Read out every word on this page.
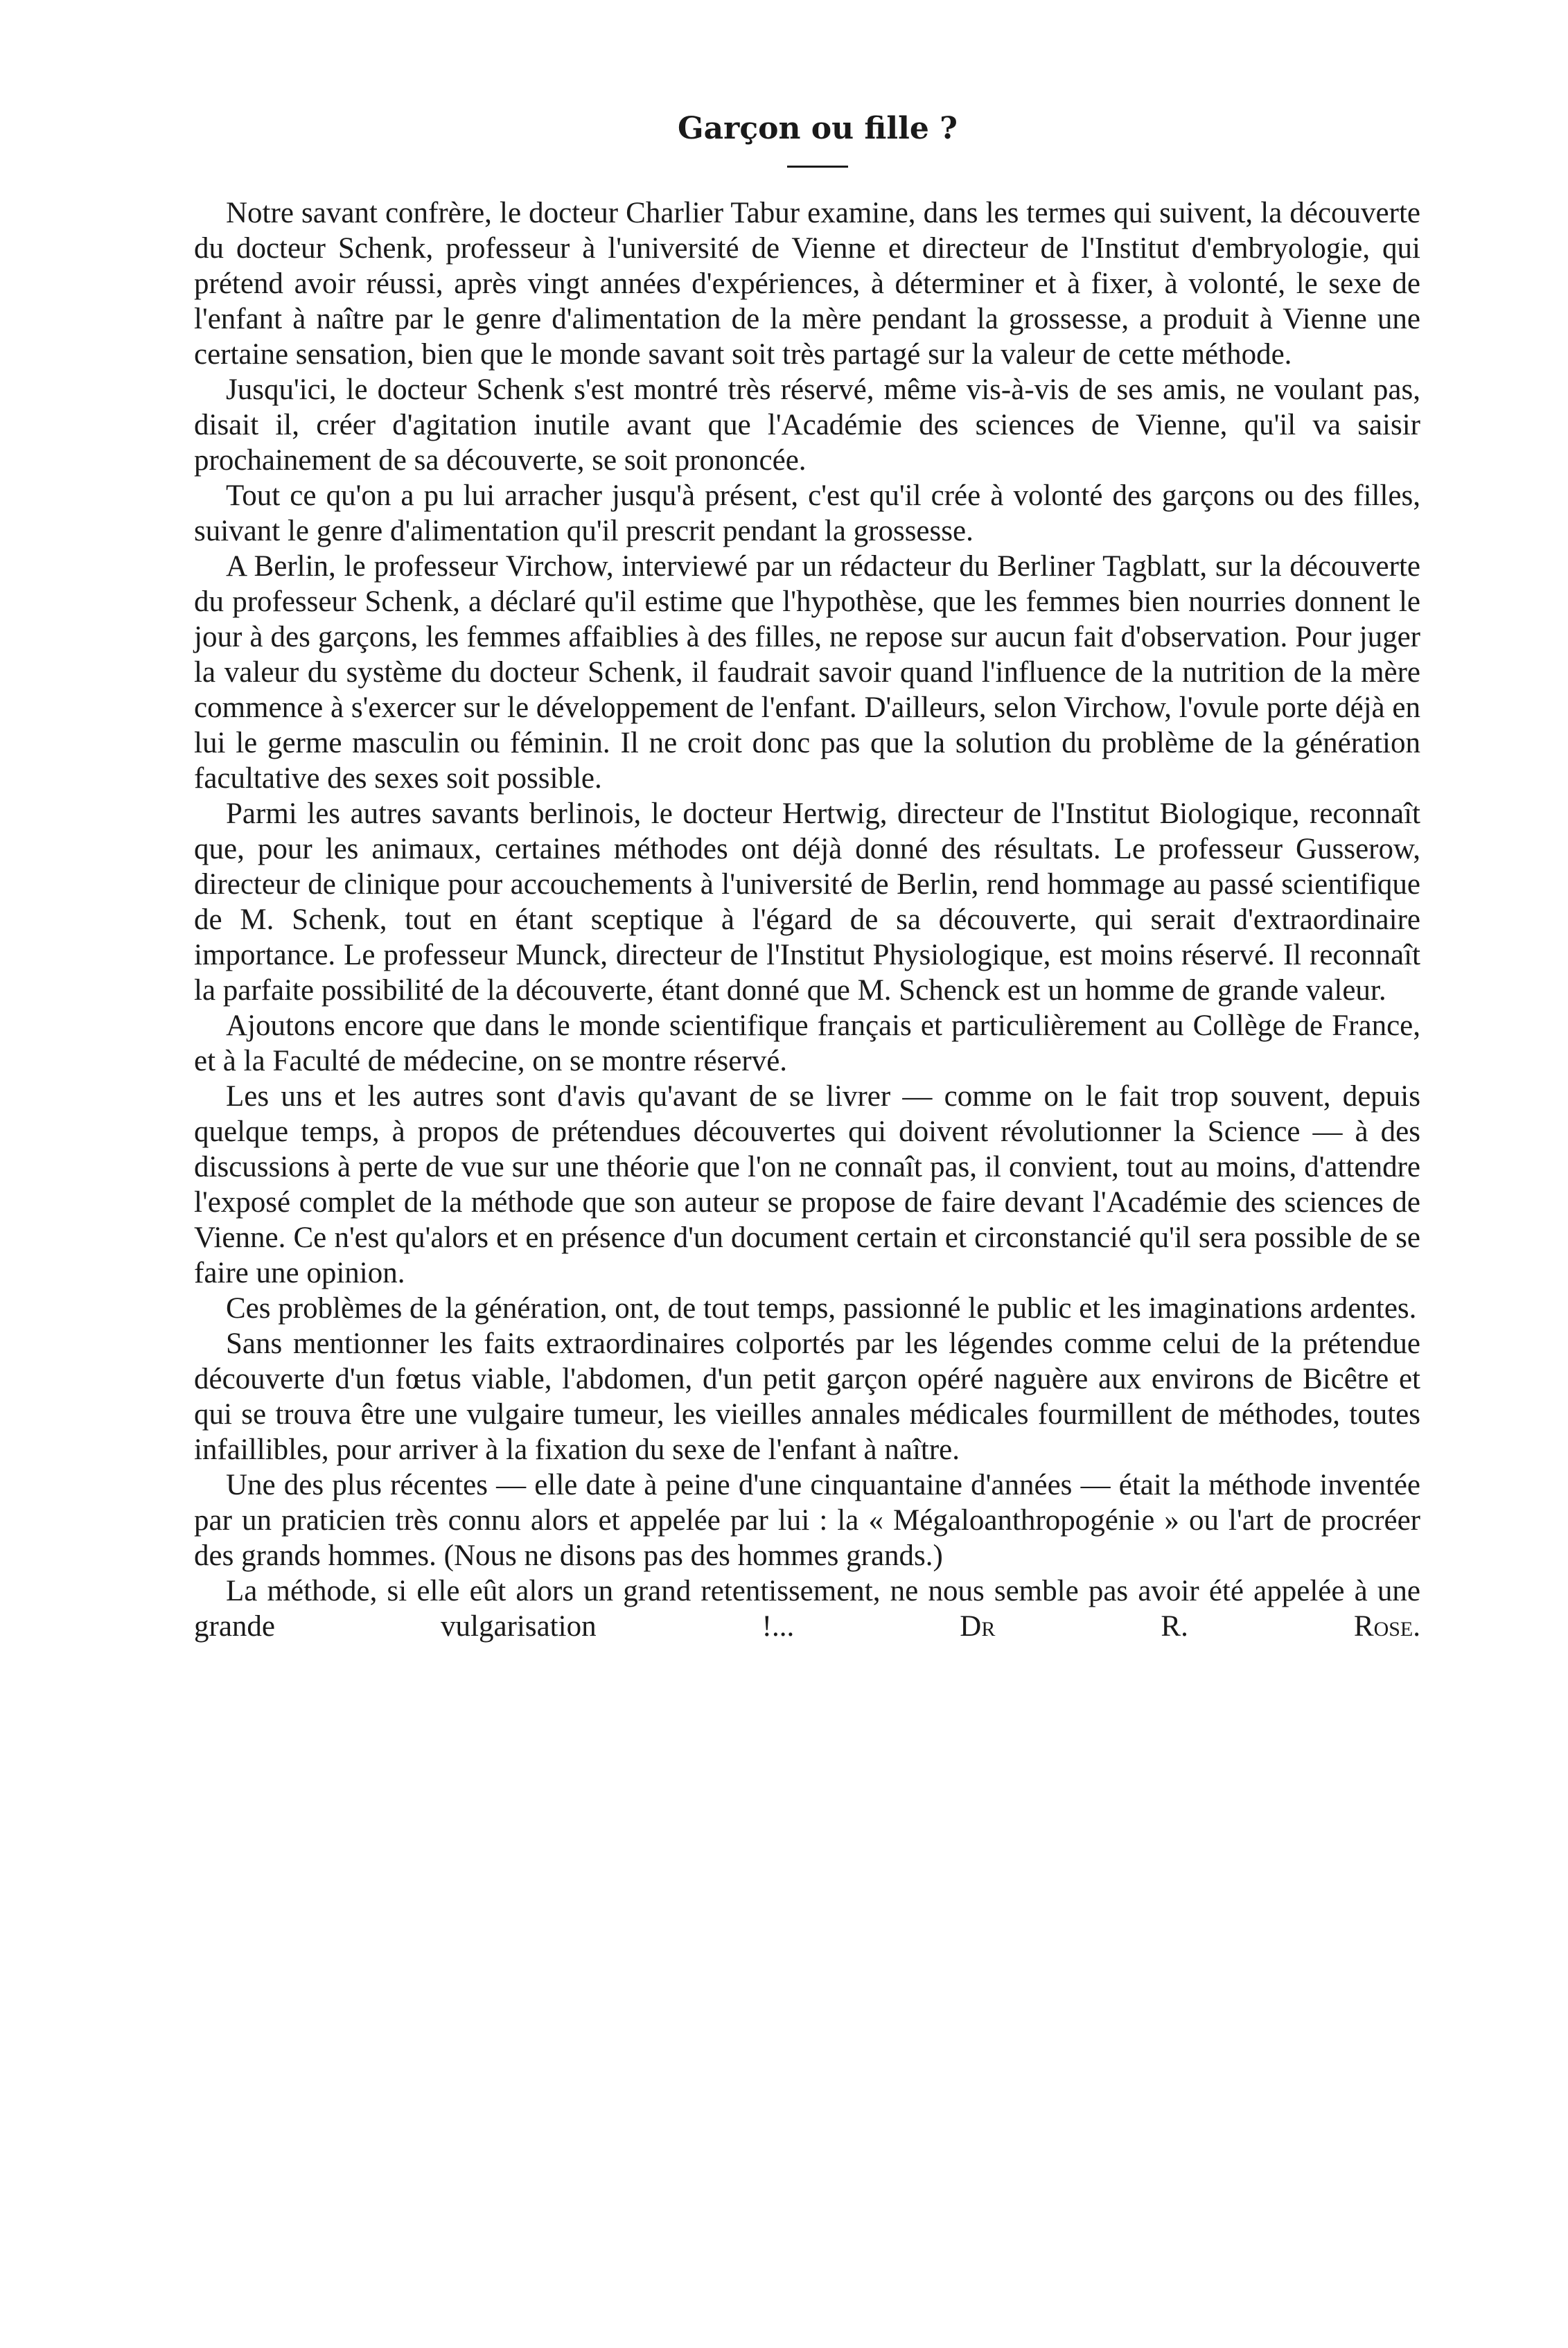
Garçon ou fille ?

Notre savant confrère, le docteur Charlier Tabur examine, dans les termes qui suivent, la découverte du docteur Schenk, professeur à l'université de Vienne et directeur de l'Institut d'embryologie, qui prétend avoir réussi, après vingt années d'expériences, à déterminer et à fixer, à volonté, le sexe de l'enfant à naître par le genre d'alimentation de la mère pendant la grossesse, a produit à Vienne une certaine sensation, bien que le monde savant soit très partagé sur la valeur de cette méthode.

Jusqu'ici, le docteur Schenk s'est montré très réservé, même vis-à-vis de ses amis, ne voulant pas, disait il, créer d'agitation inutile avant que l'Académie des sciences de Vienne, qu'il va saisir prochainement de sa découverte, se soit prononcée.

Tout ce qu'on a pu lui arracher jusqu'à présent, c'est qu'il crée à volonté des garçons ou des filles, suivant le genre d'alimentation qu'il prescrit pendant la grossesse.

A Berlin, le professeur Virchow, interviewé par un rédacteur du Berliner Tagblatt, sur la découverte du professeur Schenk, a déclaré qu'il estime que l'hypothèse, que les femmes bien nourries donnent le jour à des garçons, les femmes affaiblies à des filles, ne repose sur aucun fait d'observation. Pour juger la valeur du système du docteur Schenk, il faudrait savoir quand l'influence de la nutrition de la mère commence à s'exercer sur le développement de l'enfant. D'ailleurs, selon Virchow, l'ovule porte déjà en lui le germe masculin ou féminin. Il ne croit donc pas que la solution du problème de la génération facultative des sexes soit possible.

Parmi les autres savants berlinois, le docteur Hertwig, directeur de l'Institut Biologique, reconnaît que, pour les animaux, certaines méthodes ont déjà donné des résultats. Le professeur Gusserow, directeur de clinique pour accouchements à l'université de Berlin, rend hommage au passé scientifique de M. Schenk, tout en étant sceptique à l'égard de sa découverte, qui serait d'extraordinaire importance. Le professeur Munck, directeur de l'Institut Physiologique, est moins réservé. Il reconnaît la parfaite possibilité de la découverte, étant donné que M. Schenck est un homme de grande valeur.

Ajoutons encore que dans le monde scientifique français et particulièrement au Collège de France, et à la Faculté de médecine, on se montre réservé.

Les uns et les autres sont d'avis qu'avant de se livrer — comme on le fait trop souvent, depuis quelque temps, à propos de prétendues découvertes qui doivent révolutionner la Science — à des discussions à perte de vue sur une théorie que l'on ne connaît pas, il convient, tout au moins, d'attendre l'exposé complet de la méthode que son auteur se propose de faire devant l'Académie des sciences de Vienne. Ce n'est qu'alors et en présence d'un document certain et circonstancié qu'il sera possible de se faire une opinion.

Ces problèmes de la génération, ont, de tout temps, passionné le public et les imaginations ardentes.

Sans mentionner les faits extraordinaires colportés par les légendes comme celui de la prétendue découverte d'un fœtus viable, l'abdomen, d'un petit garçon opéré naguère aux environs de Bicêtre et qui se trouva être une vulgaire tumeur, les vieilles annales médicales fourmillent de méthodes, toutes infaillibles, pour arriver à la fixation du sexe de l'enfant à naître.

Une des plus récentes — elle date à peine d'une cinquantaine d'années — était la méthode inventée par un praticien très connu alors et appelée par lui : la « Mégaloanthropogénie » ou l'art de procréer des grands hommes. (Nous ne disons pas des hommes grands.)

La méthode, si elle eût alors un grand retentissement, ne nous semble pas avoir été appelée à une grande vulgarisation !...	Dr R. Rose.
